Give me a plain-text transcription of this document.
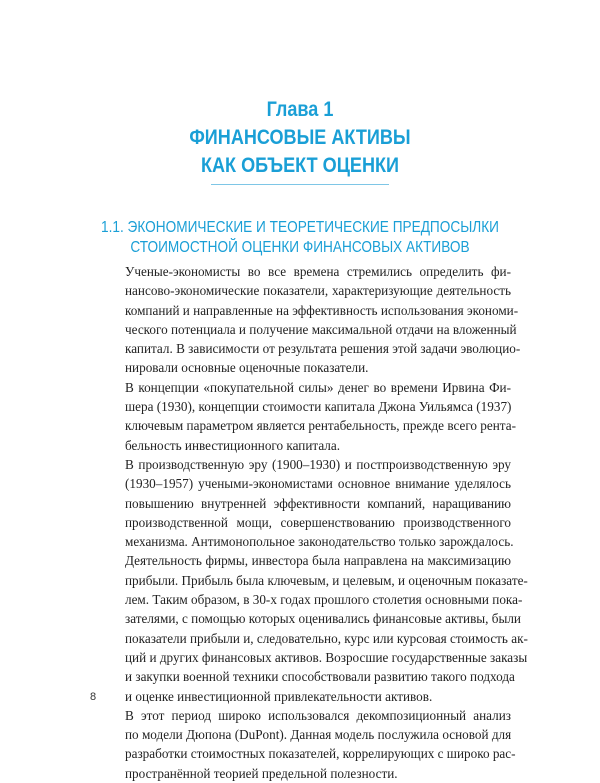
Глава 1
ФИНАНСОВЫЕ АКТИВЫ
КАК ОБЪЕКТ ОЦЕНКИ
1.1. ЭКОНОМИЧЕСКИЕ И ТЕОРЕТИЧЕСКИЕ ПРЕДПОСЫЛКИ
СТОИМОСТНОЙ ОЦЕНКИ ФИНАНСОВЫХ АКТИВОВ

Ученые-экономисты во все времена стремились определить фи-
нансово-экономические показатели, характеризующие деятельность
компаний и направленные на эффективность использования экономи-
ческого потенциала и получение максимальной отдачи на вложенный
капитал. В зависимости от результата решения этой задачи эволюцио-
нировали основные оценочные показатели.

В концепции «покупательной силы» денег во времени Ирвина Фи-
шера (1930), концепции стоимости капитала Джона Уильямса (1937)
ключевым параметром является рентабельность, прежде всего рента-
бельность инвестиционного капитала.

В производственную эру (1900–1930) и постпроизводственную эру
(1930–1957) учеными-экономистами основное внимание уделялось
повышению внутренней эффективности компаний, наращиванию
производственной мощи, совершенствованию производственного
механизма. Антимонопольное законодательство только зарождалось.
Деятельность фирмы, инвестора была направлена на максимизацию
прибыли. Прибыль была ключевым, и целевым, и оценочным показате-
лем. Таким образом, в 30-х годах прошлого столетия основными пока-
зателями, с помощью которых оценивались финансовые активы, были
показатели прибыли и, следовательно, курс или курсовая стоимость ак-
ций и других финансовых активов. Возросшие государственные заказы
и закупки военной техники способствовали развитию такого подхода
и оценке инвестиционной привлекательности активов.

В этот период широко использовался декомпозиционный анализ
по модели Дюпона (DuPont). Данная модель послужила основой для
разработки стоимостных показателей, коррелирующих с широко рас-
пространённой теорией предельной полезности.

8
